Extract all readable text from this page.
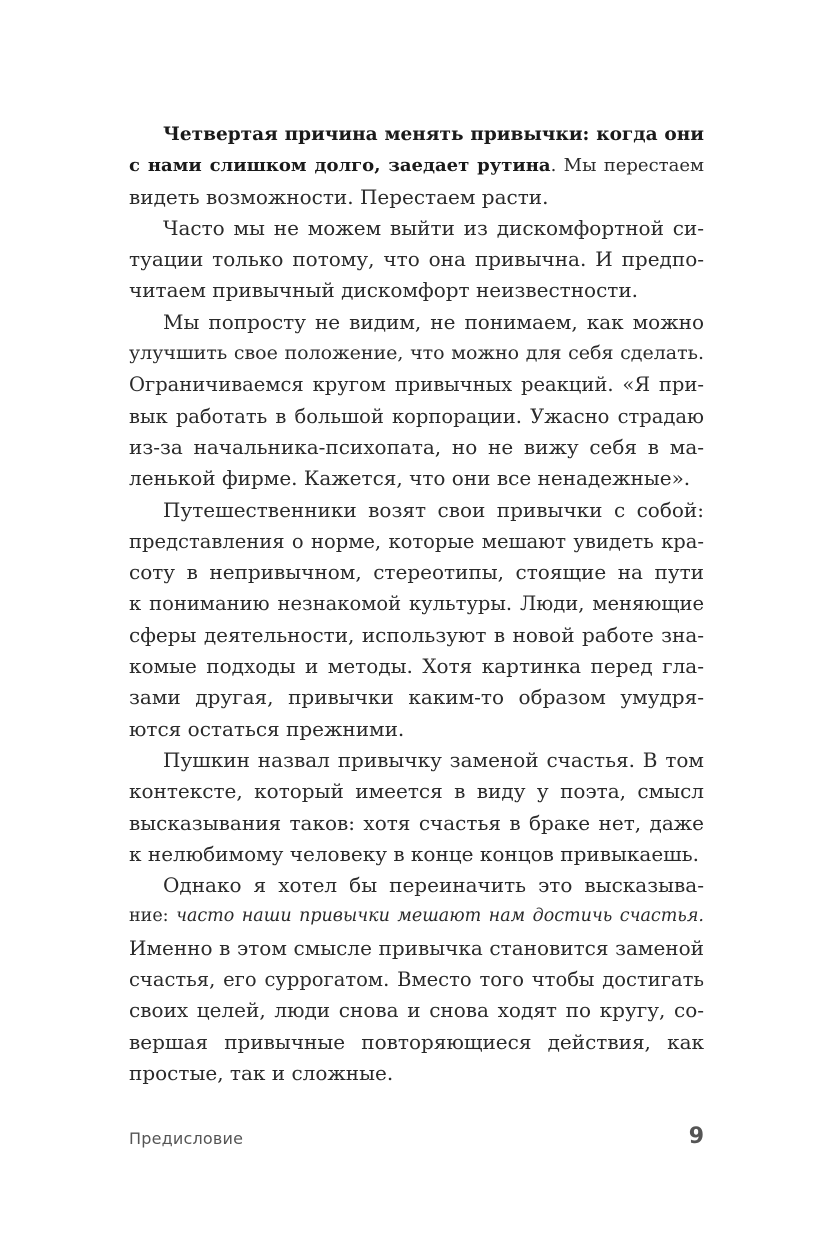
Четвертая причина менять привычки: когда они
с нами слишком долго, заедает рутина. Мы перестаем
видеть возможности. Перестаем расти.
Часто мы не можем выйти из дискомфортной си-
туации только потому, что она привычна. И предпо-
читаем привычный дискомфорт неизвестности.
Мы попросту не видим, не понимаем, как можно
улучшить свое положение, что можно для себя сделать.
Ограничиваемся кругом привычных реакций. «Я при-
вык работать в большой корпорации. Ужасно страдаю
из-за начальника-психопата, но не вижу себя в ма-
ленькой фирме. Кажется, что они все ненадежные».
Путешественники возят свои привычки с собой:
представления о норме, которые мешают увидеть кра-
соту в непривычном, стереотипы, стоящие на пути
к пониманию незнакомой культуры. Люди, меняющие
сферы деятельности, используют в новой работе зна-
комые подходы и методы. Хотя картинка перед гла-
зами другая, привычки каким-то образом умудря-
ются остаться прежними.
Пушкин назвал привычку заменой счастья. В том
контексте, который имеется в виду у поэта, смысл
высказывания таков: хотя счастья в браке нет, даже
к нелюбимому человеку в конце концов привыкаешь.
Однако я хотел бы переиначить это высказыва-
ние: часто наши привычки мешают нам достичь счастья.
Именно в этом смысле привычка становится заменой
счастья, его суррогатом. Вместо того чтобы достигать
своих целей, люди снова и снова ходят по кругу, со-
вершая привычные повторяющиеся действия, как
простые, так и сложные.
Предисловие	9
